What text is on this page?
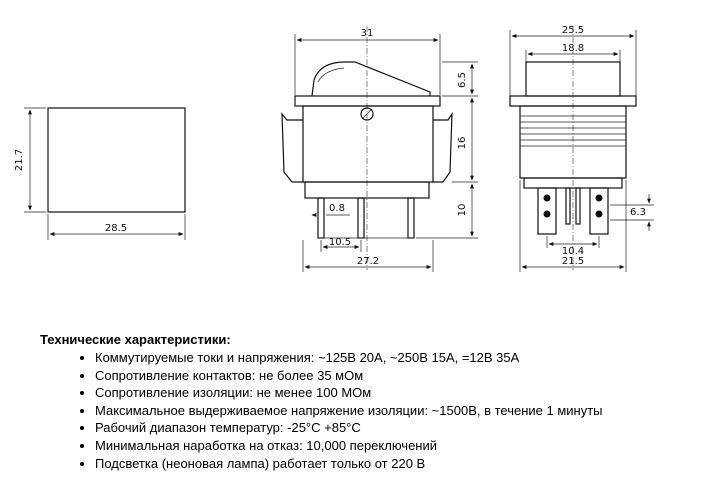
21.7
28.5
31
6.5
16
10
0.8
10.5
27.2
25.5
18.8
6.3
10.4
21.5
Технические характеристики:
• Коммутируемые токи и напряжения: ~125В 20А, ~250В 15А, =12В 35А
• Сопротивление контактов: не более 35 мОм
• Сопротивление изоляции: не менее 100 МОм
• Максимальное выдерживаемое напряжение изоляции: ~1500В, в течение 1 минуты
• Рабочий диапазон температур: -25°C +85°C
• Минимальная наработка на отказ: 10,000 переключений
• Подсветка (неоновая лампа) работает только от 220 В
